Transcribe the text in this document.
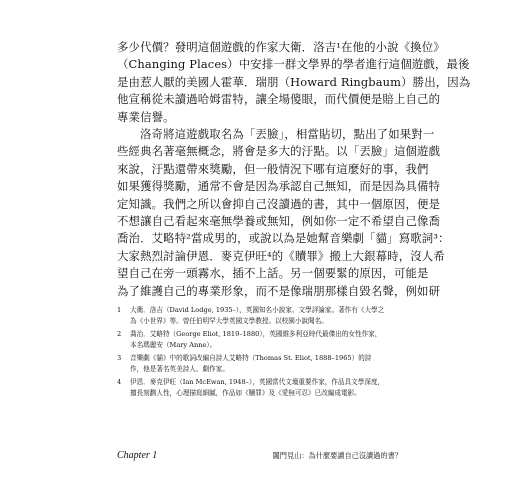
多少代價？發明這個遊戲的作家大衛．洛吉¹在他的小說《換位》
（Changing Places）中安排一群文學界的學者進行這個遊戲，最後
是由惹人厭的美國人霍華．瑞朋（Howard Ringbaum）勝出，因為
他宣稱從未讀過哈姆雷特，讓全場傻眼，而代價便是賠上自己的
專業信譽。
洛奇將這遊戲取名為「丟臉」，相當貼切，點出了如果對一
些經典名著毫無概念，將會是多大的汙點。以「丟臉」這個遊戲
來說，汙點還帶來獎勵，但一般情況下哪有這麼好的事，我們
如果獲得獎勵，通常不會是因為承認自己無知，而是因為具備特
定知識。我們之所以會抑自己沒讀過的書，其中一個原因，便是
不想讓自己看起來毫無學養或無知，例如你一定不希望自己像喬
喬治．艾略特²當成男的，或說以為是她幫音樂劇「貓」寫歌詞³：
大家熱烈討論伊恩．麥克伊旺⁴的《贖罪》搬上大銀幕時，沒人希
望自己在旁一頭霧水，插不上話。另一個要緊的原因，可能是
為了維護自己的專業形象，而不是像瑞朋那樣自毀名聲，例如研
1	大衛．洛吉（David Lodge, 1935–），英國知名小說家、文學評論家。著作有《大學之
為《小世界》等。曾任伯明罕大學英國文學教授。以校園小說聞名。
2	喬治．艾略特（George Eliot, 1819–1880），英國維多利亞時代最傑出的女性作家，
本名瑪麗安（Mary Anne）。
3	音樂劇《貓》中的歌詞改編自詩人艾略特（Thomas St. Eliot, 1888–1965）的詩
作，他是著名英美詩人、劇作家。
4	伊恩．麥克伊旺（Ian McEwan, 1948–），英國當代文壇重要作家，作品具文學深度，
擅長刻劃人性，心理描寫細膩，作品如《贖罪》及《愛無可忍》已改編成電影。
Chapter 1	闔門見山：為什麼要讀自己沒讀過的書？
